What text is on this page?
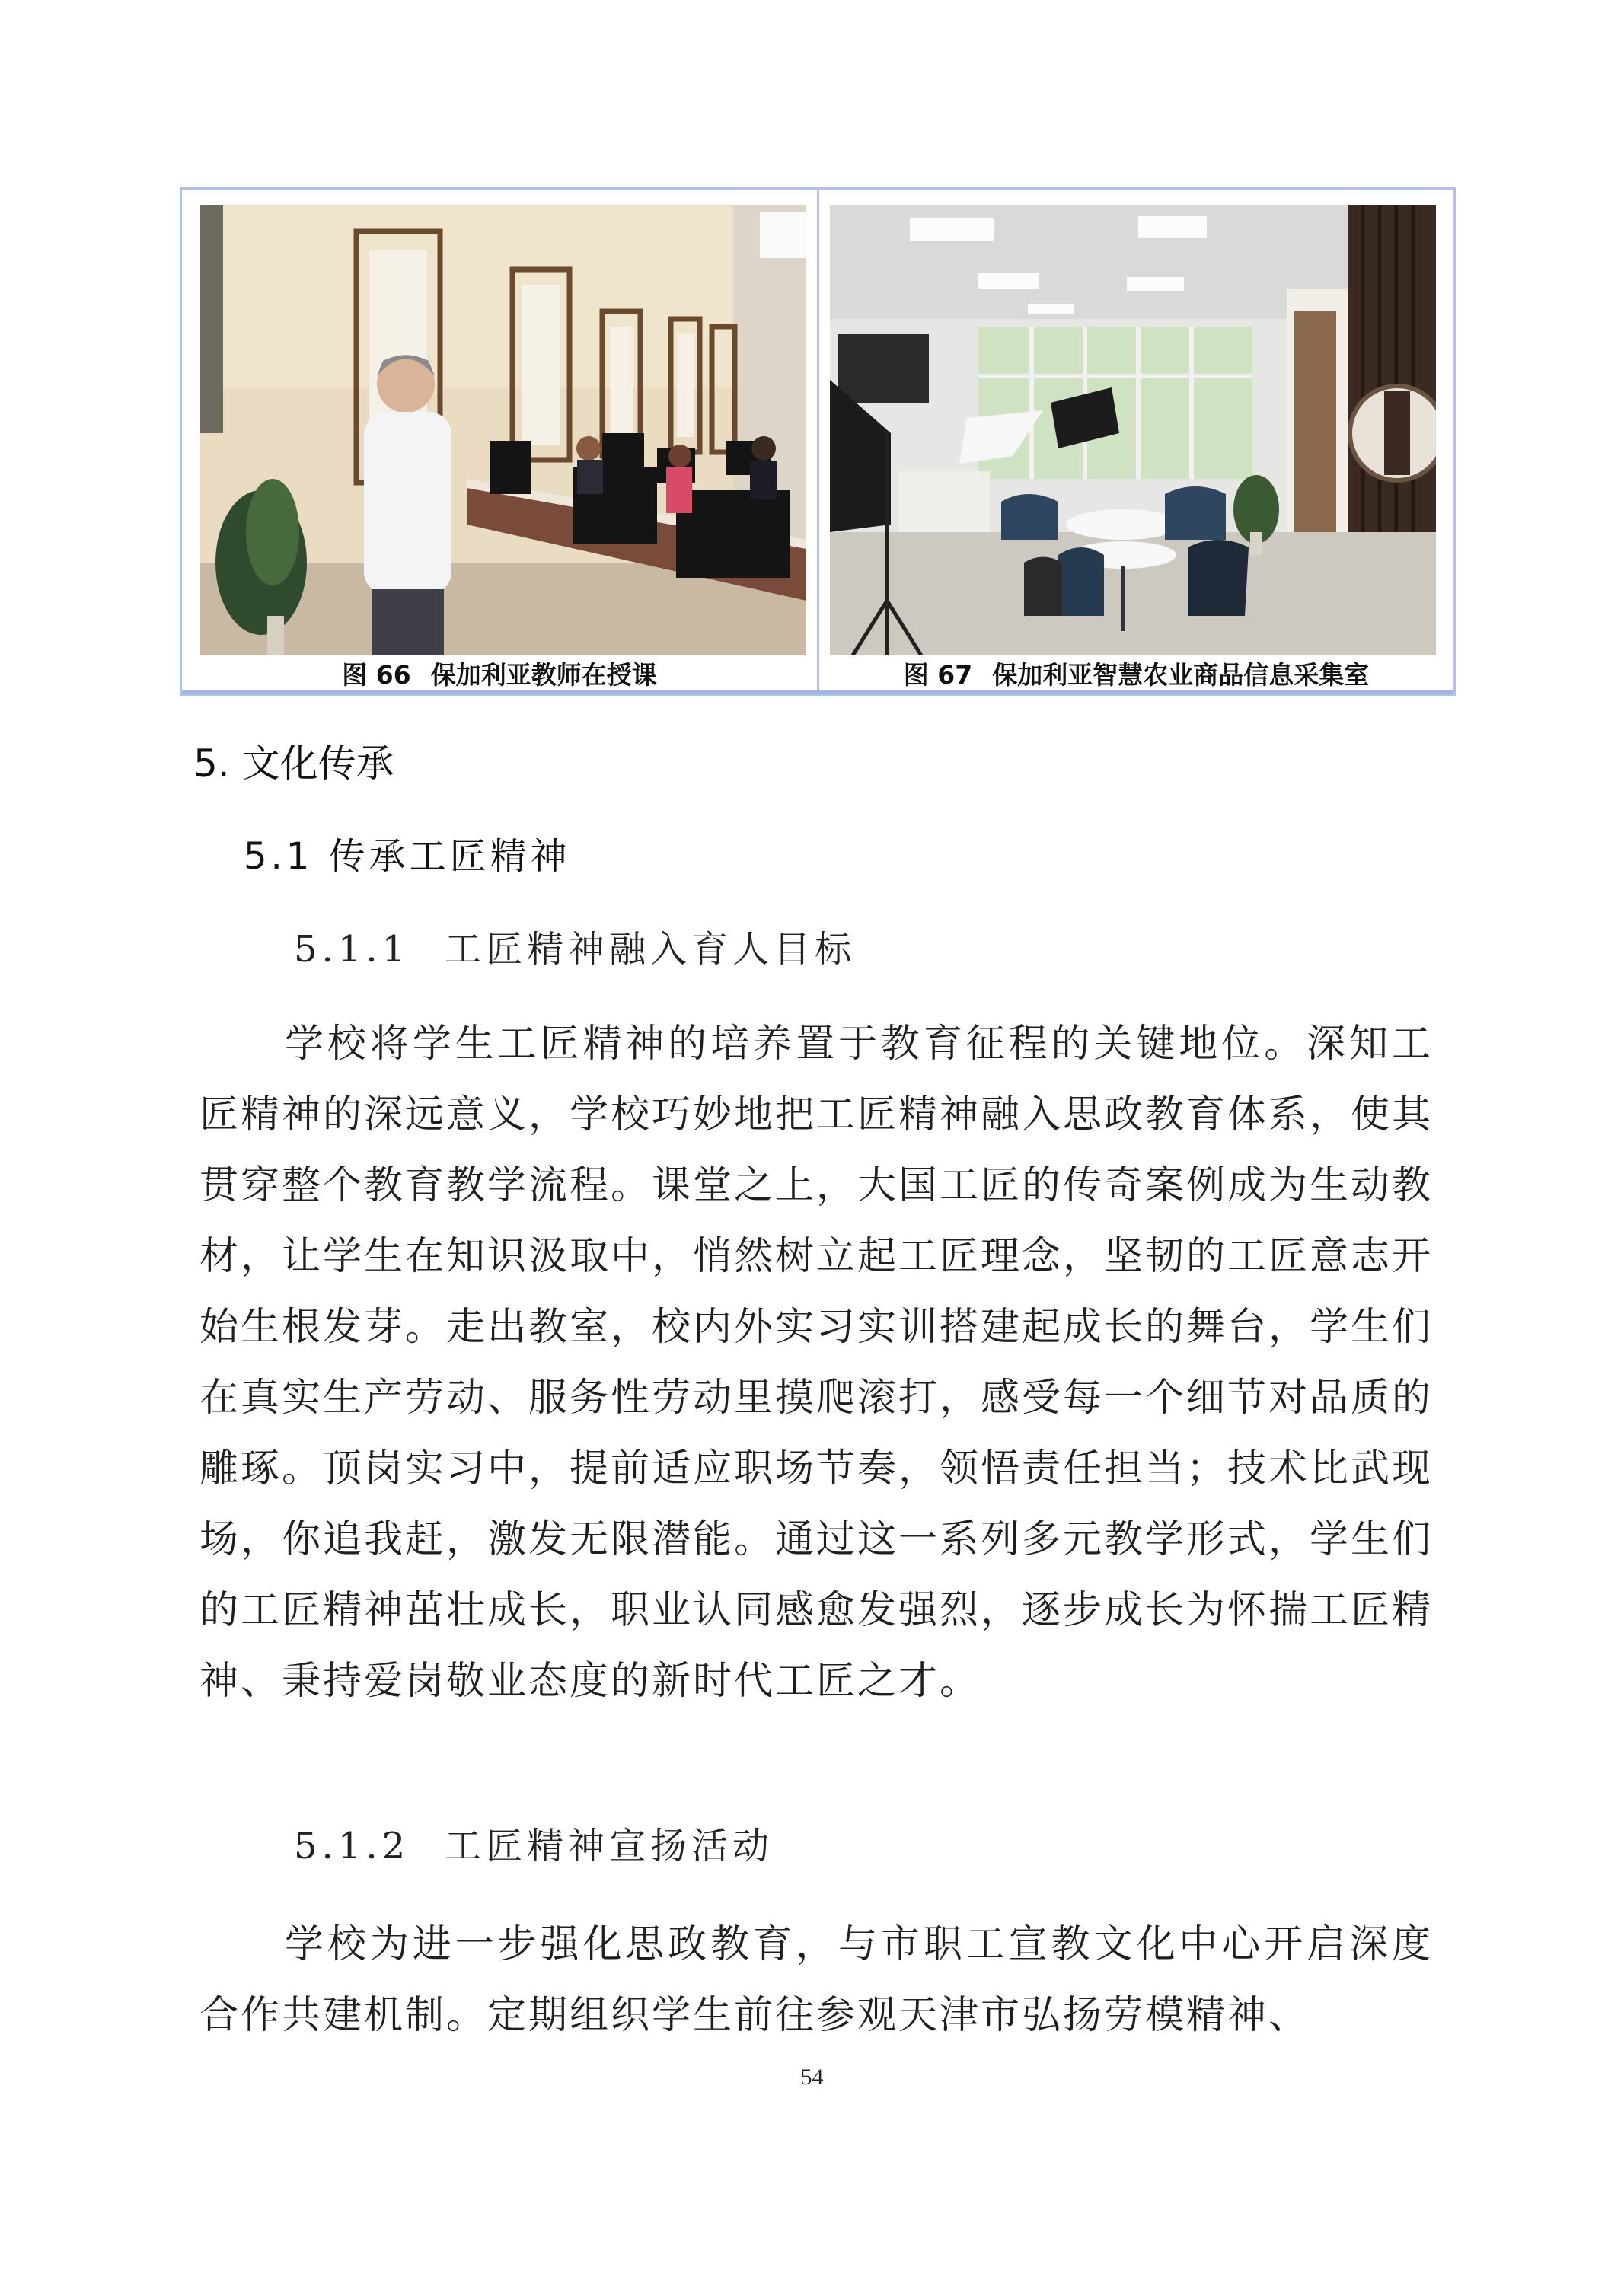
图 66 保加利亚教师在授课	图 67 保加利亚智慧农业商品信息采集室
5. 文化传承
5.1 传承工匠精神
5.1.1 工匠精神融入育人目标

学校将学生工匠精神的培养置于教育征程的关键地位。深知工匠精神的深远意义，学校巧妙地把工匠精神融入思政教育体系，使其贯穿整个教育教学流程。课堂之上，大国工匠的传奇案例成为生动教材，让学生在知识汲取中，悄然树立起工匠理念，坚韧的工匠意志开始生根发芽。走出教室，校内外实习实训搭建起成长的舞台，学生们在真实生产劳动、服务性劳动里摸爬滚打，感受每一个细节对品质的雕琢。顶岗实习中，提前适应职场节奏，领悟责任担当；技术比武现场，你追我赶，激发无限潜能。通过这一系列多元教学形式，学生们的工匠精神茁壮成长，职业认同感愈发强烈，逐步成长为怀揣工匠精神、秉持爱岗敬业态度的新时代工匠之才。

5.1.2 工匠精神宣扬活动

学校为进一步强化思政教育，与市职工宣教文化中心开启深度合作共建机制。定期组织学生前往参观天津市弘扬劳模精神、

54
